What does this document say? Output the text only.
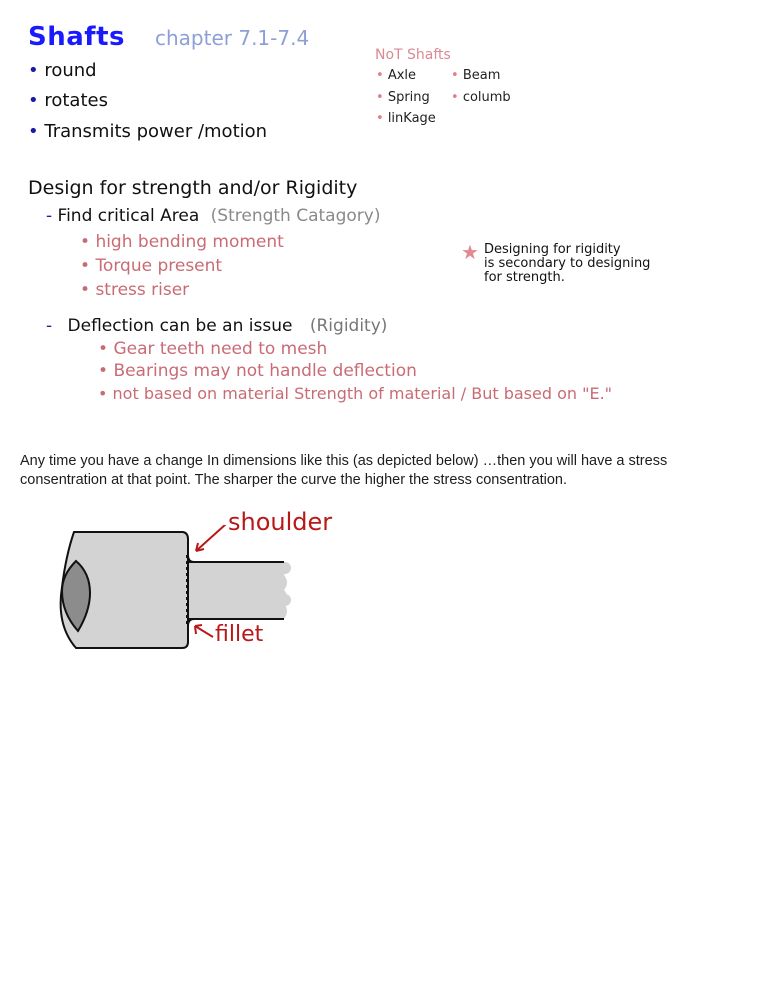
Shafts chapter 7.1-7.4
• round
• rotates
• Transmits power /motion
NoT Shafts
• Axle	• Beam
• Spring • columb
• linKage
Design for strength and/or Rigidity
- Find critical Area (Strength Catagory)
• high bending moment
• Torque present
• stress riser
★ Designing for rigidity
is secondary to designing
for strength.
- Deflection can be an issue (Rigidity)
• Gear teeth need to mesh
• Bearings may not handle deflection
• not based on material Strength of material / But based on "E."
Any time you have a change In dimensions like this (as depicted below) …then you will have a stress consentration at that point. The sharper the curve the higher the stress consentration.
shoulder
fillet
